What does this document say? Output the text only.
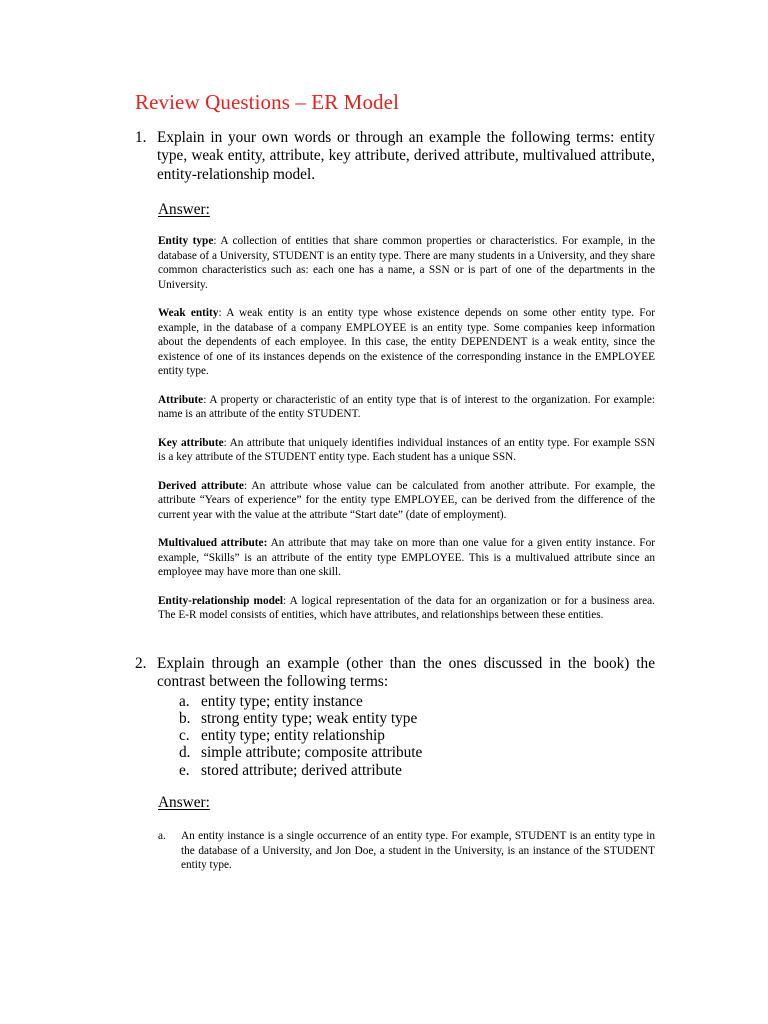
Review Questions – ER Model
1. Explain in your own words or through an example the following terms: entity type, weak entity, attribute, key attribute, derived attribute, multivalued attribute, entity-relationship model.
Answer:

Entity type: A collection of entities that share common properties or characteristics. For example, in the database of a University, STUDENT is an entity type. There are many students in a University, and they share common characteristics such as: each one has a name, a SSN or is part of one of the departments in the University.

Weak entity: A weak entity is an entity type whose existence depends on some other entity type. For example, in the database of a company EMPLOYEE is an entity type. Some companies keep information about the dependents of each employee. In this case, the entity DEPENDENT is a weak entity, since the existence of one of its instances depends on the existence of the corresponding instance in the EMPLOYEE entity type.

Attribute: A property or characteristic of an entity type that is of interest to the organization. For example: name is an attribute of the entity STUDENT.

Key attribute: An attribute that uniquely identifies individual instances of an entity type. For example SSN is a key attribute of the STUDENT entity type. Each student has a unique SSN.

Derived attribute: An attribute whose value can be calculated from another attribute. For example, the attribute “Years of experience” for the entity type EMPLOYEE, can be derived from the difference of the current year with the value at the attribute “Start date” (date of employment).

Multivalued attribute: An attribute that may take on more than one value for a given entity instance. For example, “Skills” is an attribute of the entity type EMPLOYEE. This is a multivalued attribute since an employee may have more than one skill.

Entity-relationship model: A logical representation of the data for an organization or for a business area. The E-R model consists of entities, which have attributes, and relationships between these entities.

2. Explain through an example (other than the ones discussed in the book) the contrast between the following terms:
a. entity type; entity instance
b. strong entity type; weak entity type
c. entity type; entity relationship
d. simple attribute; composite attribute
e. stored attribute; derived attribute
Answer:
a.	An entity instance is a single occurrence of an entity type. For example, STUDENT is an entity type in the database of a University, and Jon Doe, a student in the University, is an instance of the STUDENT entity type.
